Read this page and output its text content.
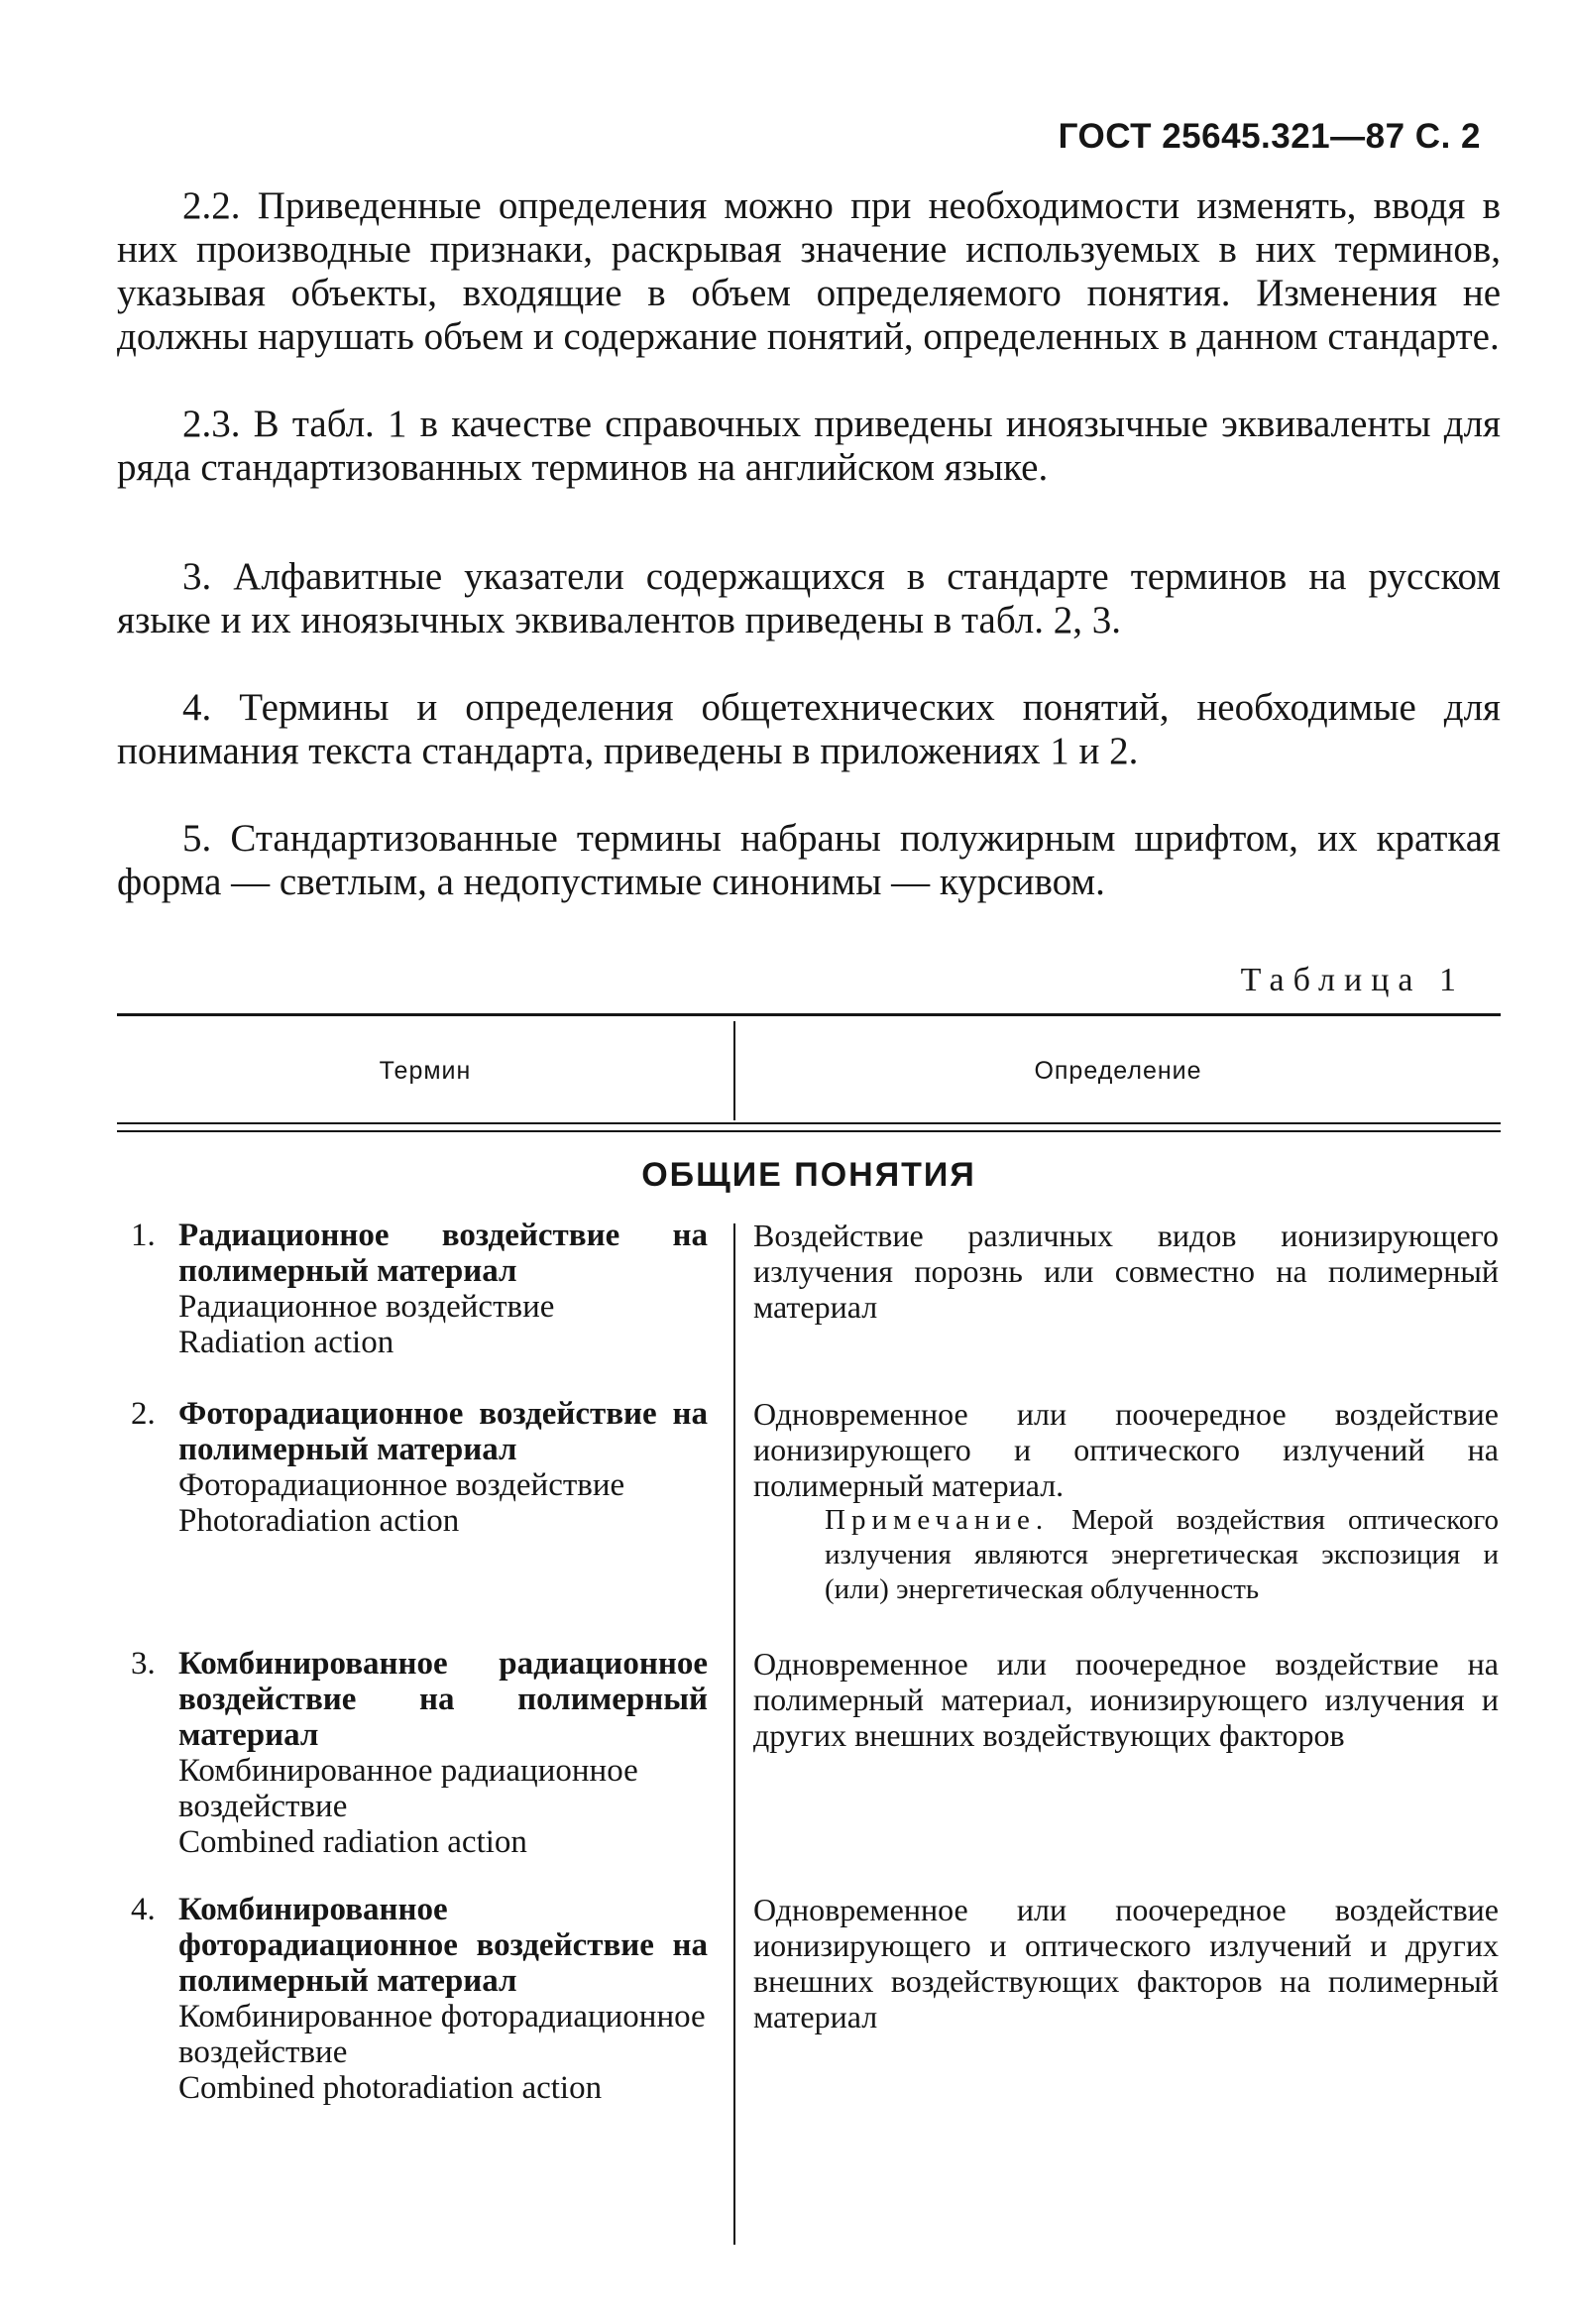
ГОСТ 25645.321—87 С. 2

2.2. Приведенные определения можно при необходимости изменять, вводя в них производные признаки, раскрывая значение используемых в них терминов, указывая объекты, входящие в объем определяемого понятия. Изменения не должны нарушать объем и содержание понятий, определенных в данном стандарте.

2.3. В табл. 1 в качестве справочных приведены иноязычные эквиваленты для ряда стандартизованных терминов на английском языке.

3. Алфавитные указатели содержащихся в стандарте терминов на русском языке и их иноязычных эквивалентов приведены в табл. 2, 3.

4. Термины и определения общетехнических понятий, необходимые для понимания текста стандарта, приведены в приложениях 1 и 2.

5. Стандартизованные термины набраны полужирным шрифтом, их краткая форма — светлым, а недопустимые синонимы — курсивом.

Таблица 1
Термин	Определение
ОБЩИЕ ПОНЯТИЯ
1. Радиационное воздействие на полимерный материал
Радиационное воздействие
Radiation action
Воздействие различных видов ионизирующего излучения порознь или совместно на полимерный материал
2. Фоторадиационное воздействие на полимерный материал
Фоторадиационное воздействие
Photoradiation action
Одновременное или поочередное воздействие ионизирующего и оптического излучений на полимерный материал.
Примечание. Мерой воздействия оптического излучения являются энергетическая экспозиция и (или) энергетическая облученность
3. Комбинированное радиационное воздействие на полимерный материал
Комбинированное радиационное воздействие
Combined radiation action
Одновременное или поочередное воздействие на полимерный материал, ионизирующего излучения и других внешних воздействующих факторов
4. Комбинированное фоторадиационное воздействие на полимерный материал
Комбинированное фоторадиационное воздействие
Combined photoradiation action
Одновременное или поочередное воздействие ионизирующего и оптического излучений и других внешних воздействующих факторов на полимерный материал
